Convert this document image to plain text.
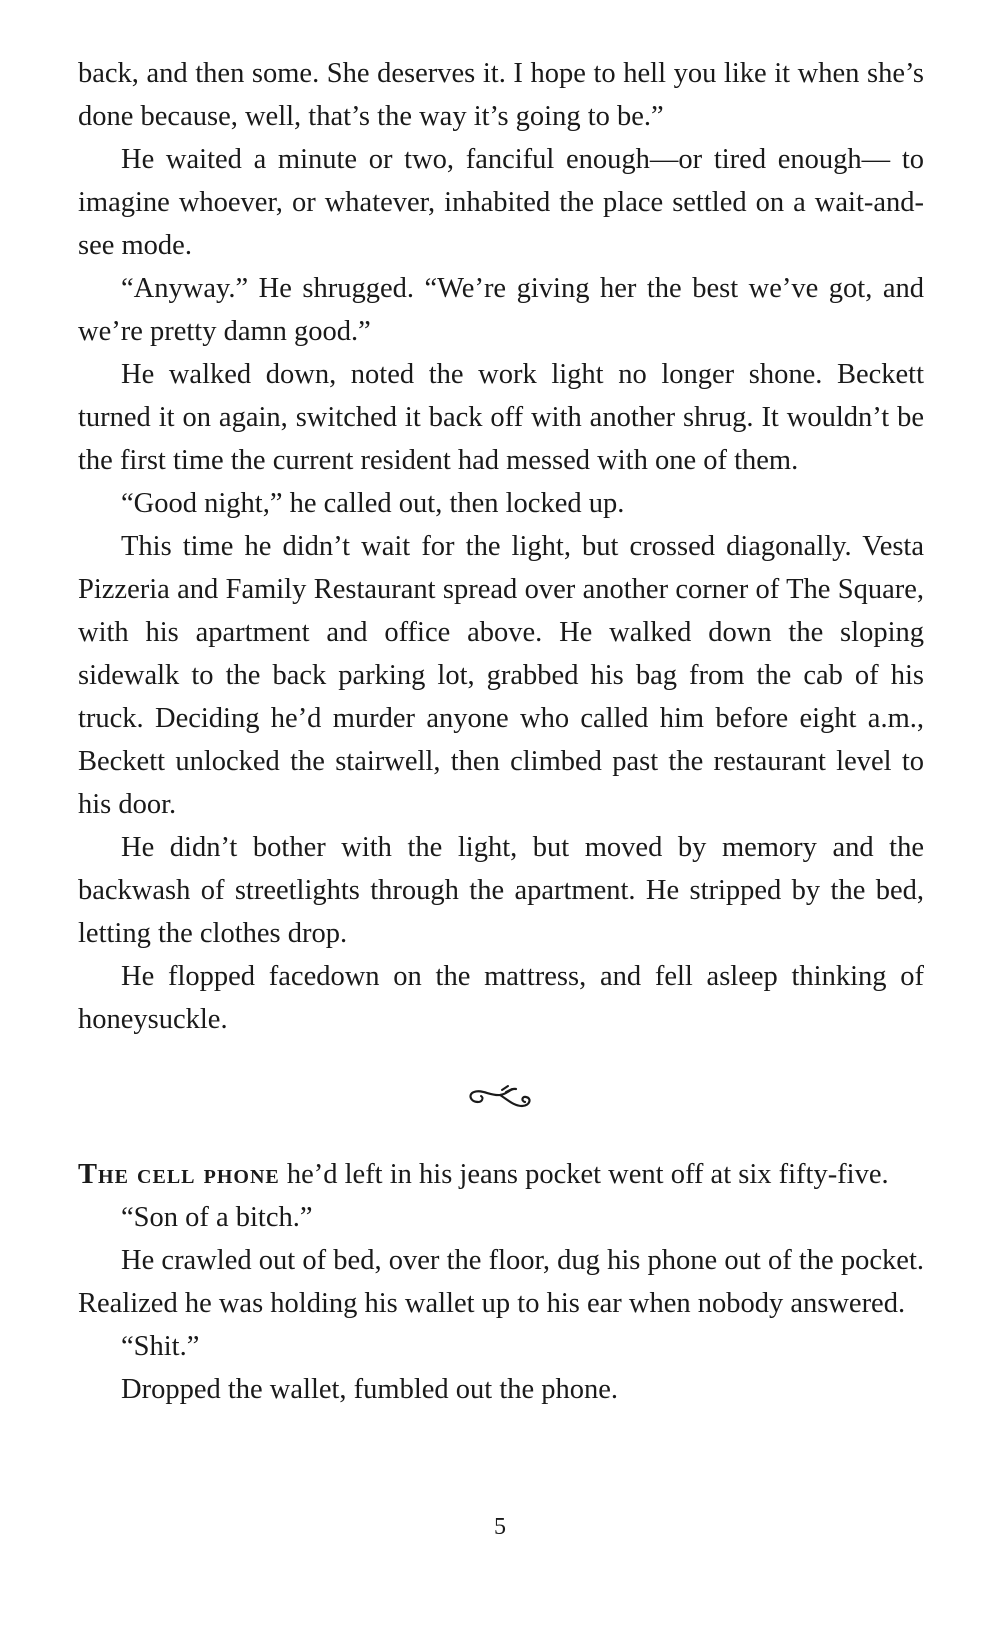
back, and then some. She deserves it. I hope to hell you like it when she’s done because, well, that’s the way it’s going to be.”

He waited a minute or two, fanciful enough—or tired enough— to imagine whoever, or whatever, inhabited the place settled on a wait-and-see mode.

“Anyway.” He shrugged. “We’re giving her the best we’ve got, and we’re pretty damn good.”

He walked down, noted the work light no longer shone. Beckett turned it on again, switched it back off with another shrug. It wouldn’t be the first time the current resident had messed with one of them.

“Good night,” he called out, then locked up.

This time he didn’t wait for the light, but crossed diagonally. Vesta Pizzeria and Family Restaurant spread over another corner of The Square, with his apartment and office above. He walked down the sloping sidewalk to the back parking lot, grabbed his bag from the cab of his truck. Deciding he’d murder anyone who called him before eight a.m., Beckett unlocked the stairwell, then climbed past the restaurant level to his door.

He didn’t bother with the light, but moved by memory and the backwash of streetlights through the apartment. He stripped by the bed, letting the clothes drop.

He flopped facedown on the mattress, and fell asleep thinking of honeysuckle.

The cell phone he’d left in his jeans pocket went off at six fifty-five.

“Son of a bitch.”

He crawled out of bed, over the floor, dug his phone out of the pocket. Realized he was holding his wallet up to his ear when nobody answered.

“Shit.”

Dropped the wallet, fumbled out the phone.

5
